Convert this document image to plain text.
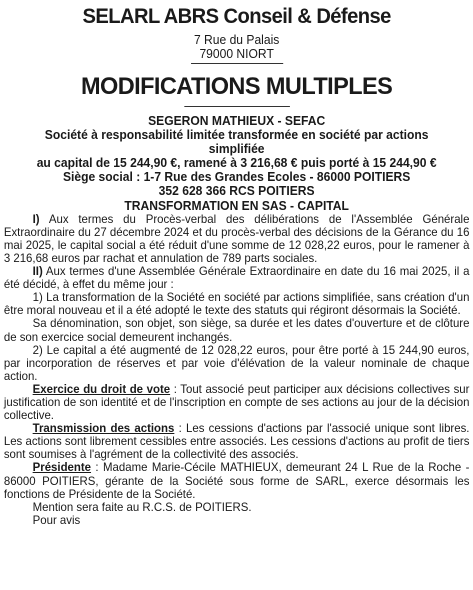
SELARL ABRS Conseil & Défense
7 Rue du Palais
79000 NIORT
MODIFICATIONS MULTIPLES
SEGERON MATHIEUX - SEFAC
Société à responsabilité limitée transformée en société par actions
simplifiée
au capital de 15 244,90 €, ramené à 3 216,68 € puis porté à 15 244,90 €
Siège social : 1-7 Rue des Grandes Ecoles - 86000 POITIERS
352 628 366 RCS POITIERS
TRANSFORMATION EN SAS - CAPITAL

I) Aux termes du Procès-verbal des délibérations de l'Assemblée Générale Extraordinaire du 27 décembre 2024 et du procès-verbal des décisions de la Gérance du 16 mai 2025, le capital social a été réduit d'une somme de 12 028,22 euros, pour le ramener à 3 216,68 euros par rachat et annulation de 789 parts sociales.

II) Aux termes d'une Assemblée Générale Extraordinaire en date du 16 mai 2025, il a été décidé, à effet du même jour :

1) La transformation de la Société en société par actions simplifiée, sans création d'un être moral nouveau et il a été adopté le texte des statuts qui régiront désormais la Société.

Sa dénomination, son objet, son siège, sa durée et les dates d'ouverture et de clôture de son exercice social demeurent inchangés.

2) Le capital a été augmenté de 12 028,22 euros, pour être porté à 15 244,90 euros, par incorporation de réserves et par voie d'élévation de la valeur nominale de chaque action.

Exercice du droit de vote : Tout associé peut participer aux décisions collectives sur justification de son identité et de l'inscription en compte de ses actions au jour de la décision collective.

Transmission des actions : Les cessions d'actions par l'associé unique sont libres. Les actions sont librement cessibles entre associés. Les cessions d'actions au profit de tiers sont soumises à l'agrément de la collectivité des associés.

Présidente : Madame Marie-Cécile MATHIEUX, demeurant 24 L Rue de la Roche - 86000 POITIERS, gérante de la Société sous forme de SARL, exerce désormais les fonctions de Présidente de la Société.

Mention sera faite au R.C.S. de POITIERS.

Pour avis
